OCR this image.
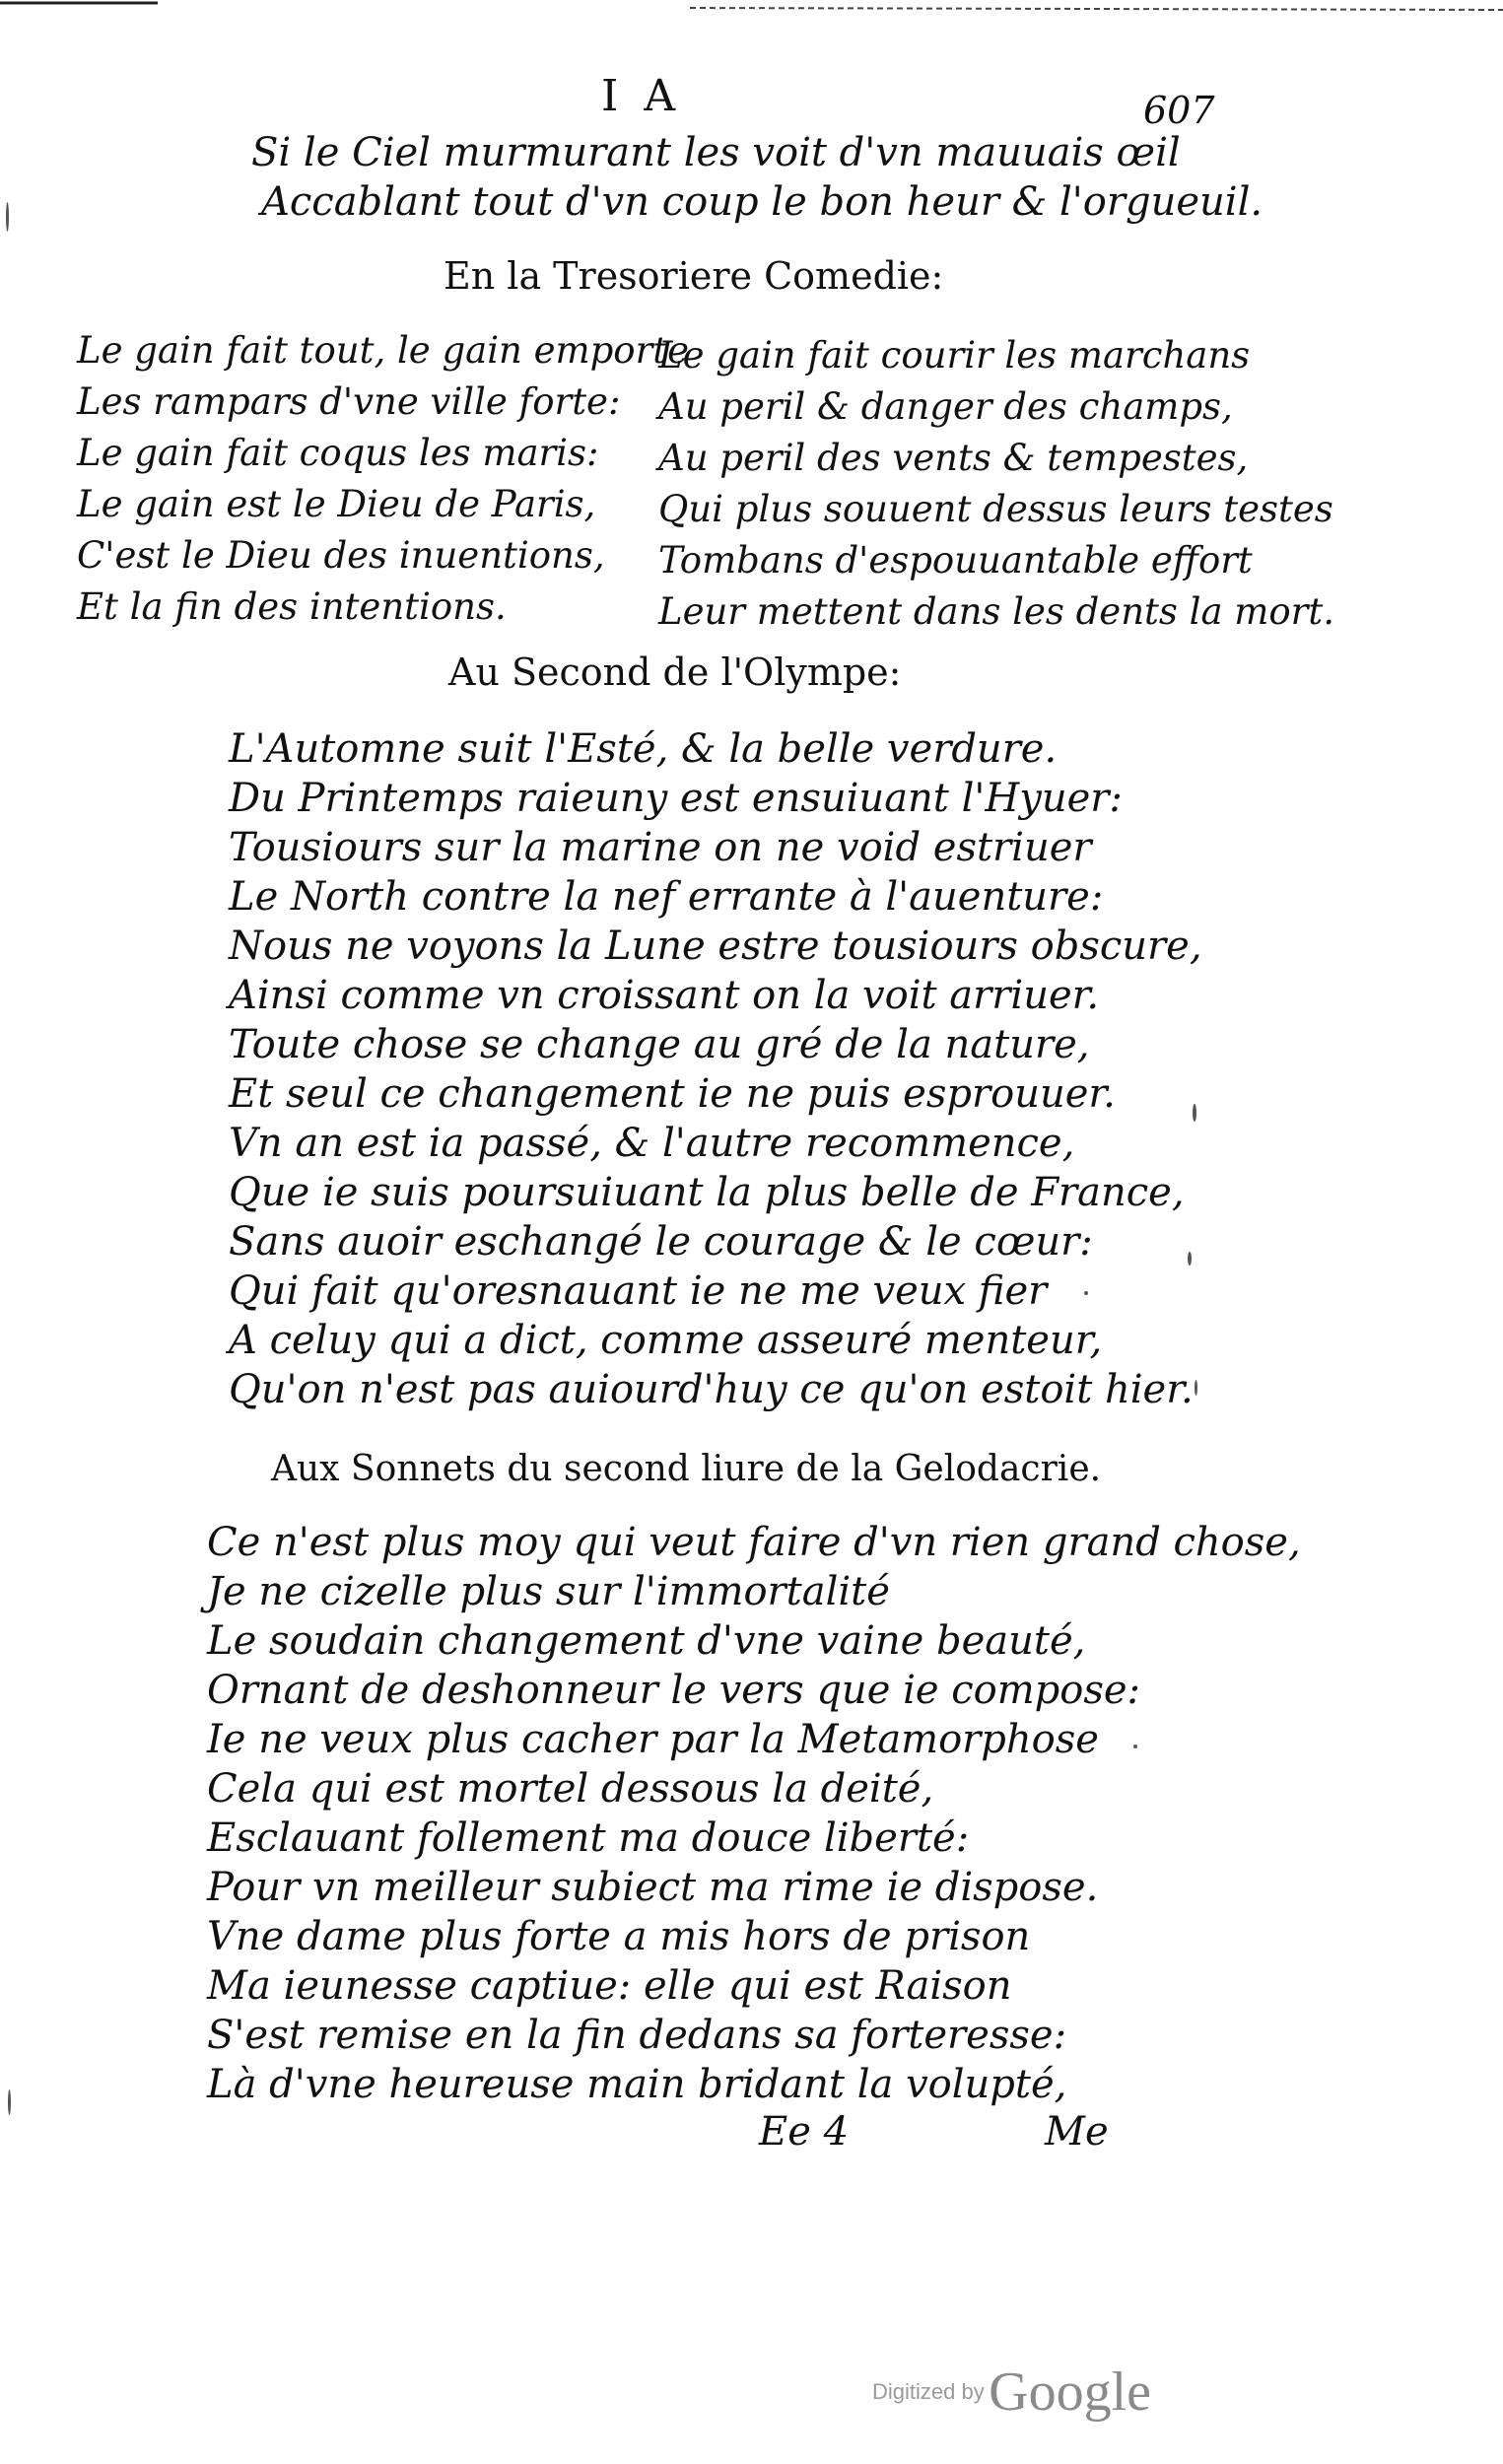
I A	607
Si le Ciel murmurant les voit d'vn mauuais œil
Accablant tout d'vn coup le bon heur & l'orgueuil.
En la Tresoriere Comedie:
Le gain fait tout, le gain emporte
Les rampars d'vne ville forte:
Le gain fait coqus les maris:
Le gain est le Dieu de Paris,
C'est le Dieu des inuentions,
Et la fin des intentions.
Le gain fait courir les marchans
Au peril & danger des champs,
Au peril des vents & tempestes,
Qui plus souuent dessus leurs testes
Tombans d'espouuantable effort
Leur mettent dans les dents la mort.
Au Second de l'Olympe:
L'Automne suit l'Esté, & la belle verdure.
Du Printemps raieuny est ensuiuant l'Hyuer:
Tousiours sur la marine on ne void estriuer
Le North contre la nef errante à l'auenture:
Nous ne voyons la Lune estre tousiours obscure,
Ainsi comme vn croissant on la voit arriuer.
Toute chose se change au gré de la nature,
Et seul ce changement ie ne puis esprouuer.
Vn an est ia passé, & l'autre recommence,
Que ie suis poursuiuant la plus belle de France,
Sans auoir eschangé le courage & le cœur:
Qui fait qu'oresnauant ie ne me veux fier
A celuy qui a dict, comme asseuré menteur,
Qu'on n'est pas auiourd'huy ce qu'on estoit hier.
Aux Sonnets du second liure de la Gelodacrie.
Ce n'est plus moy qui veut faire d'vn rien grand chose,
Je ne cizelle plus sur l'immortalité
Le soudain changement d'vne vaine beauté,
Ornant de deshonneur le vers que ie compose:
Ie ne veux plus cacher par la Metamorphose
Cela qui est mortel dessous la deité,
Esclauant follement ma douce liberté:
Pour vn meilleur subiect ma rime ie dispose.
Vne dame plus forte a mis hors de prison
Ma ieunesse captiue: elle qui est Raison
S'est remise en la fin dedans sa forteresse:
Là d'vne heureuse main bridant la volupté,
Ee 4	Me
Digitized by Google
